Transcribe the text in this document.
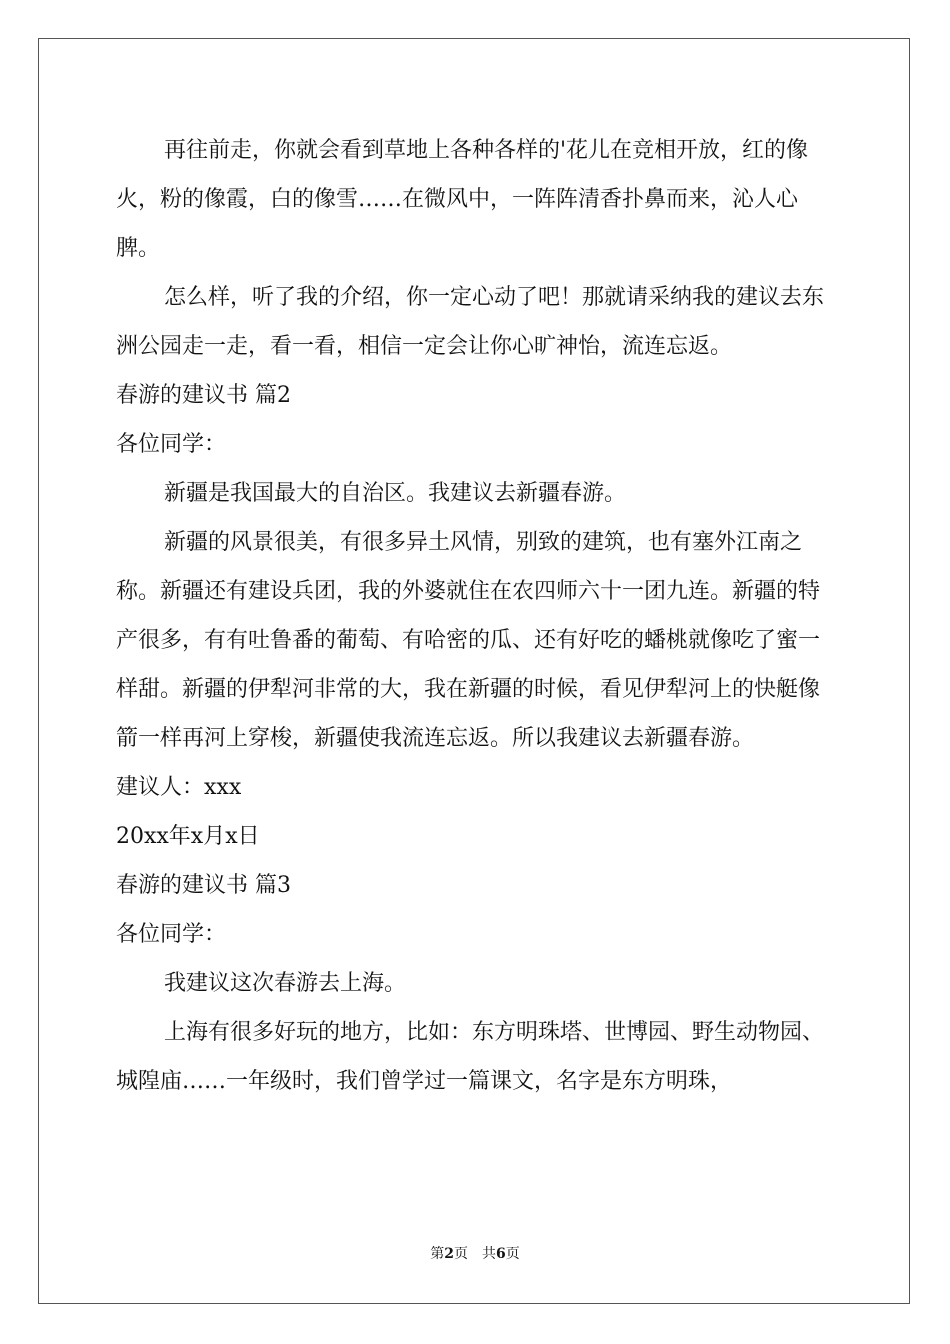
再往前走，你就会看到草地上各种各样的'花儿在竞相开放，红的像火，粉的像霞，白的像雪……在微风中，一阵阵清香扑鼻而来，沁人心脾。

怎么样，听了我的介绍，你一定心动了吧！那就请采纳我的建议去东洲公园走一走，看一看，相信一定会让你心旷神怡，流连忘返。

春游的建议书 篇2

各位同学：

新疆是我国最大的自治区。我建议去新疆春游。

新疆的风景很美，有很多异土风情，别致的建筑，也有塞外江南之称。新疆还有建设兵团，我的外婆就住在农四师六十一团九连。新疆的特产很多，有有吐鲁番的葡萄、有哈密的瓜、还有好吃的蟠桃就像吃了蜜一样甜。新疆的伊犁河非常的大，我在新疆的时候，看见伊犁河上的快艇像箭一样再河上穿梭，新疆使我流连忘返。所以我建议去新疆春游。

建议人：xxx

20xx年x月x日

春游的建议书 篇3

各位同学：

我建议这次春游去上海。

上海有很多好玩的地方，比如：东方明珠塔、世博园、野生动物园、城隍庙……一年级时，我们曾学过一篇课文，名字是东方明珠，

第2页　共6页
